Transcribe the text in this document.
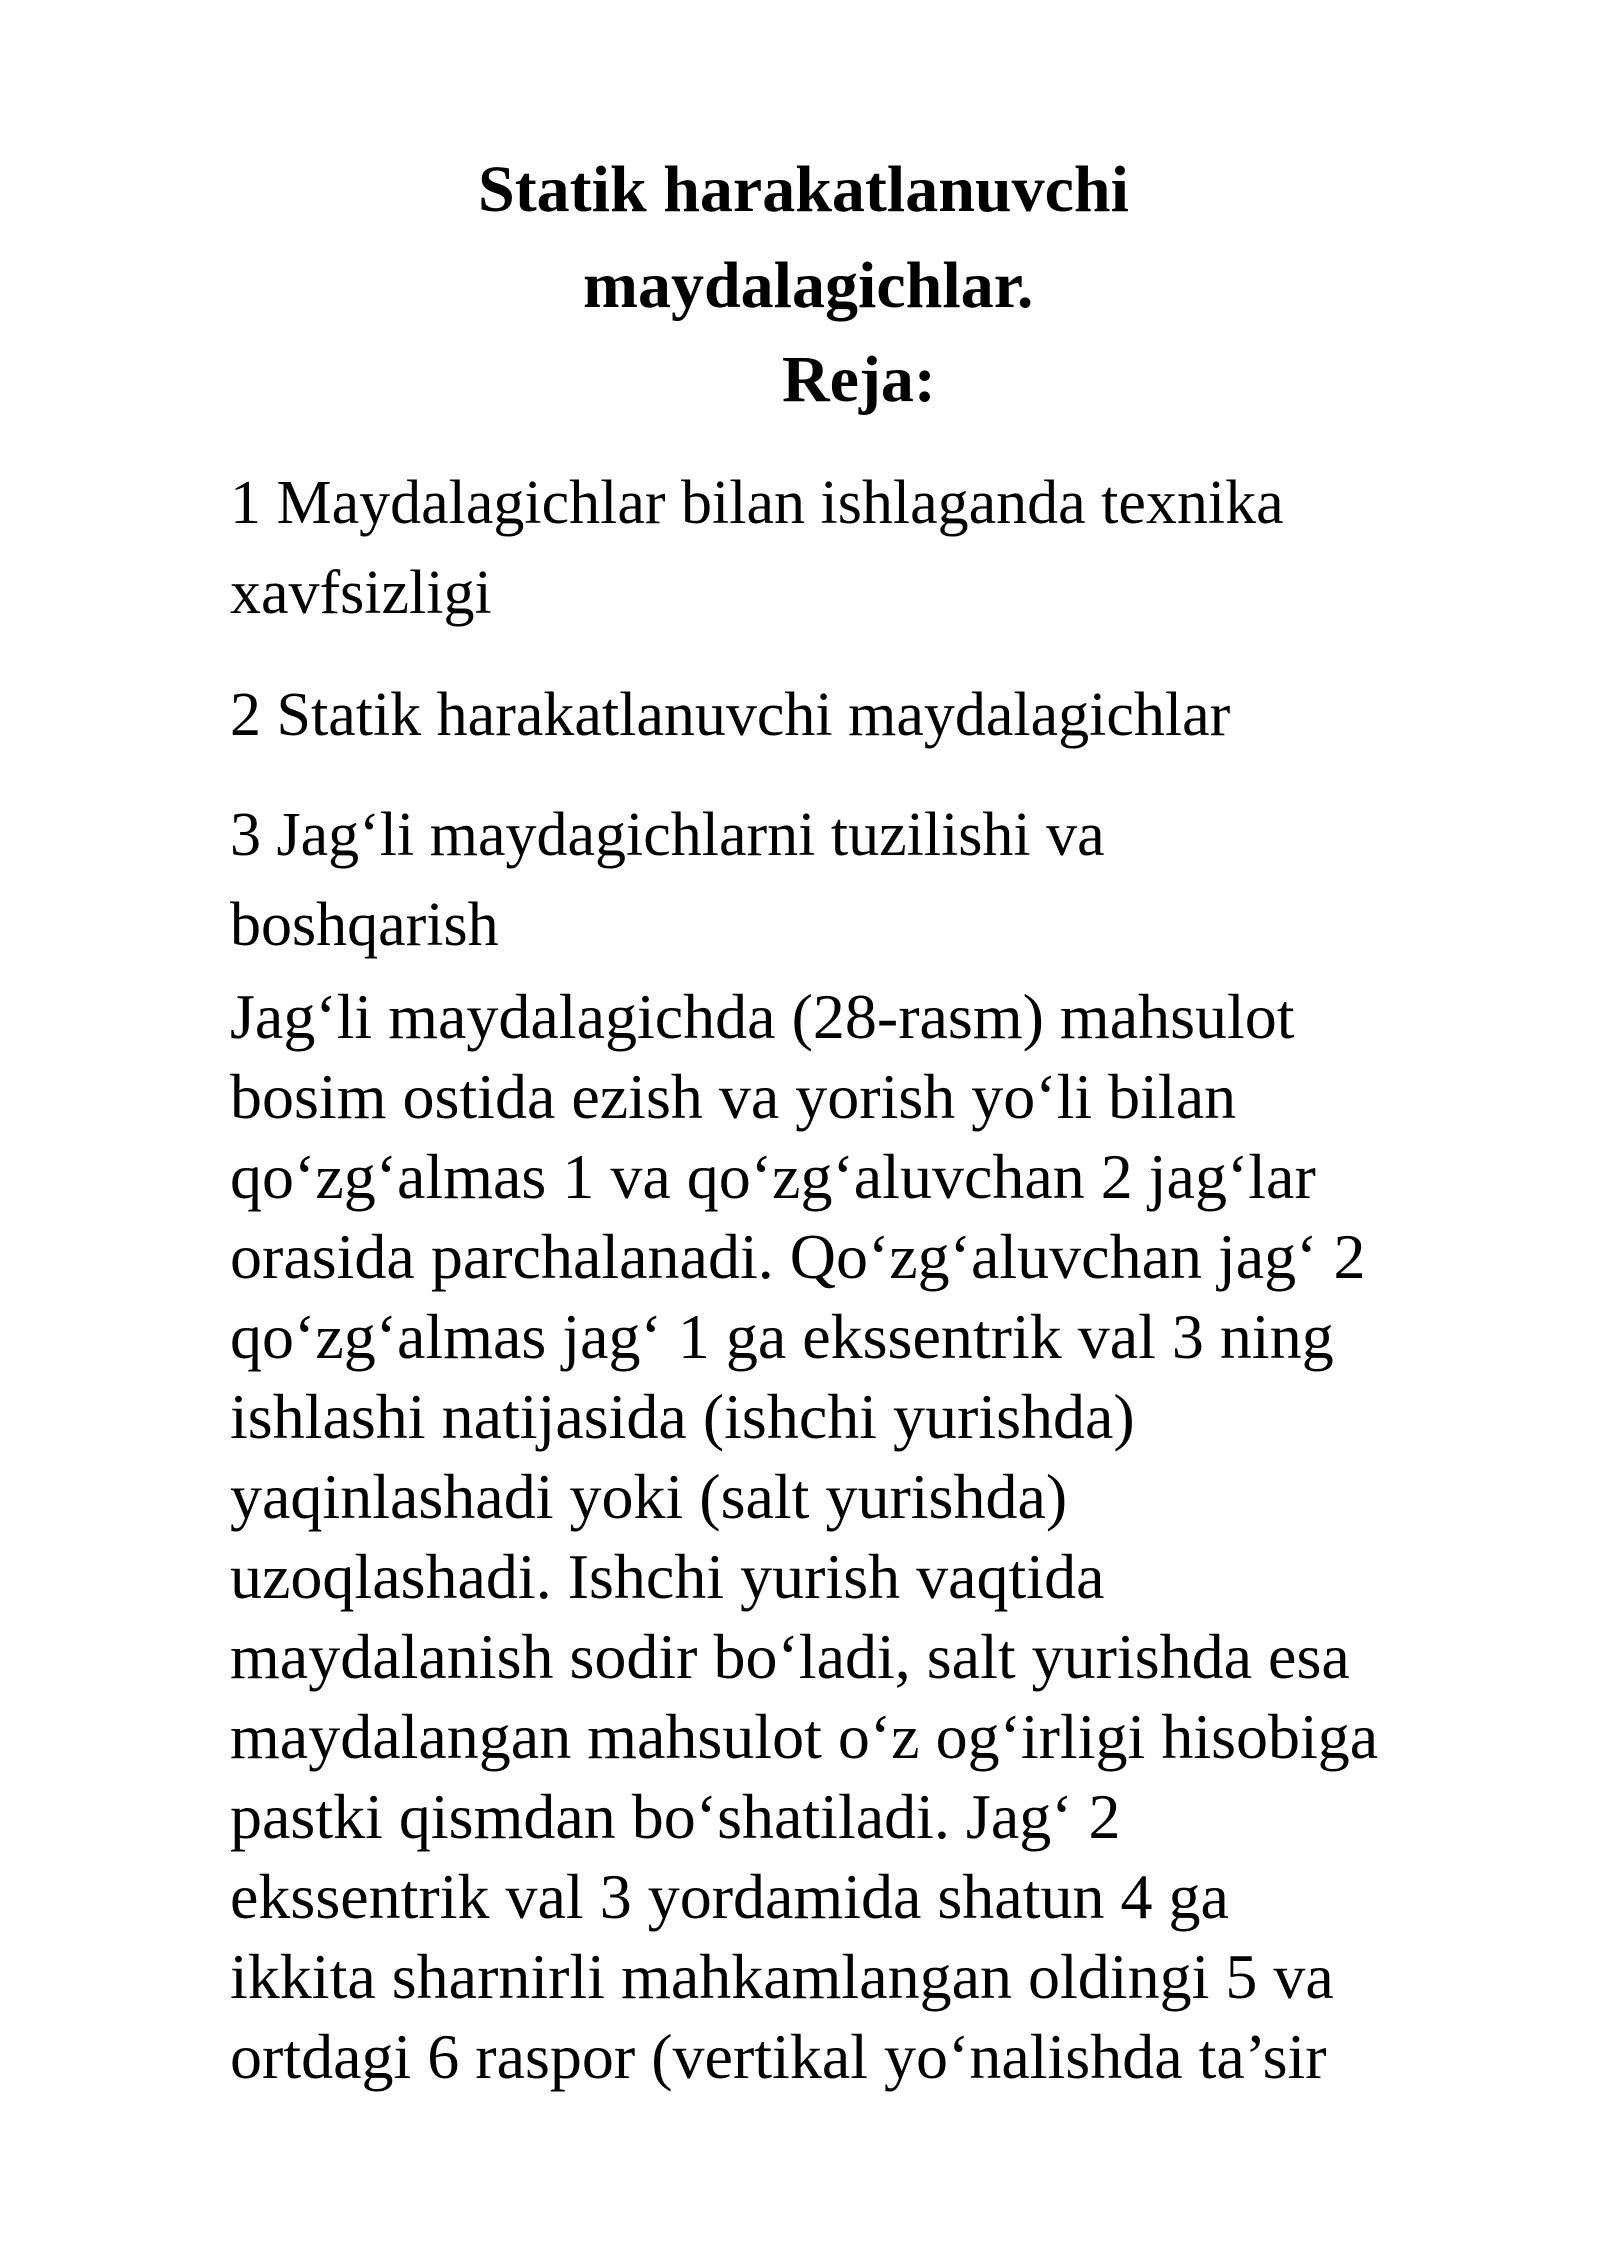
Statik harakatlanuvchi
maydalagichlar.
Reja:
1 Maydalagichlar bilan ishlaganda texnika
xavfsizligi
2 Statik harakatlanuvchi maydalagichlar
3 Jag‘li maydagichlarni tuzilishi va
boshqarish
Jag‘li maydalagichda (28-rasm) mahsulot
bosim ostida ezish va yorish yo‘li bilan
qo‘zg‘almas 1 va qo‘zg‘aluvchan 2 jag‘lar
orasida parchalanadi. Qo‘zg‘aluvchan jag‘ 2
qo‘zg‘almas jag‘ 1 ga ekssentrik val 3 ning
ishlashi natijasida (ishchi yurishda)
yaqinlashadi yoki (salt yurishda)
uzoqlashadi. Ishchi yurish vaqtida
maydalanish sodir bo‘ladi, salt yurishda esa
maydalangan mahsulot o‘z og‘irligi hisobiga
pastki qismdan bo‘shatiladi. Jag‘ 2
ekssentrik val 3 yordamida shatun 4 ga
ikkita sharnirli mahkamlangan oldingi 5 va
ortdagi 6 raspor (vertikal yo‘nalishda ta’sir
